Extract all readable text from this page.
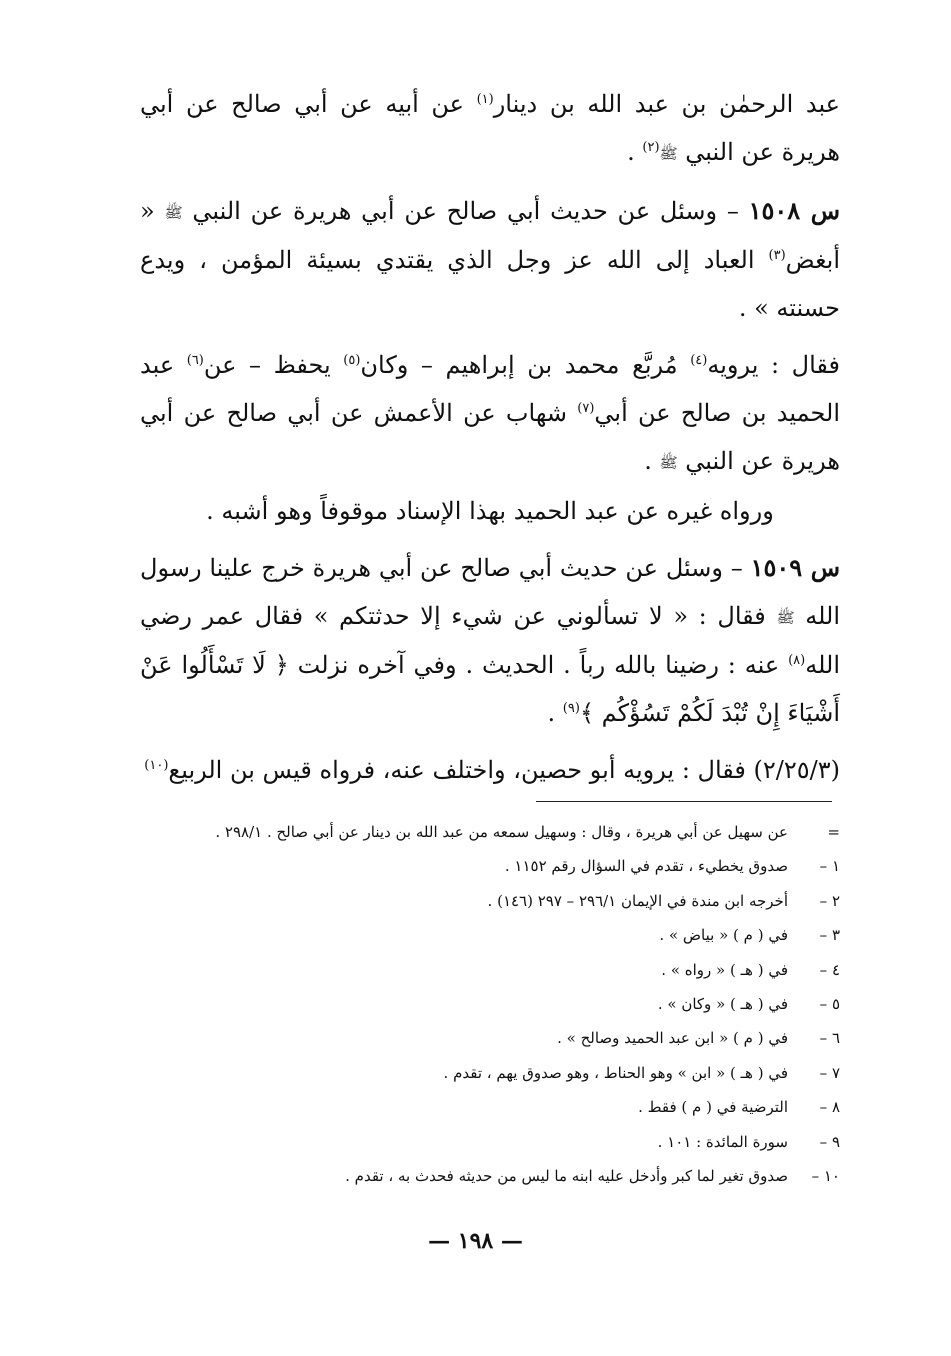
عبد الرحمٰن بن عبد الله بن دينار$^{(١)}$ عن أبيه عن أبي صالح عن أبي هريرة عن النبي ﷺ$^{(٢)}$ .

س ١٥٠٨ – وسئل عن حديث أبي صالح عن أبي هريرة عن النبي ﷺ « أبغض$^{(٣)}$ العباد إلى الله عز وجل الذي يقتدي بسيئة المؤمن ، ويدع حسنته » .

فقال : يرويه$^{(٤)}$ مُربَّع محمد بن إبراهيم – وكان$^{(٥)}$ يحفظ – عن$^{(٦)}$ عبد الحميد بن صالح عن أبي$^{(٧)}$ شهاب عن الأعمش عن أبي صالح عن أبي هريرة عن النبي ﷺ .

ورواه غيره عن عبد الحميد بهذا الإسناد موقوفاً وهو أشبه .

س ١٥٠٩ – وسئل عن حديث أبي صالح عن أبي هريرة خرج علينا رسول الله ﷺ فقال : « لا تسألوني عن شيء إلا حدثتكم » فقال عمر رضي الله$^{(٨)}$ عنه : رضينا بالله رباً . الحديث . وفي آخره نزلت ﴿ لَا تَسْأَلُوا عَنْ أَشْيَاءَ إِنْ تُبْدَ لَكُمْ تَسُؤْكُم ﴾$^{(٩)}$ .

(٢/٢٥/٣) فقال : يرويه أبو حصين، واختلف عنه، فرواه قيس بن الربيع$^{(١٠)}$

=عن سهيل عن أبي هريرة ، وقال : وسهيل سمعه من عبد الله بن دينار عن أبي صالح . ٢٩٨/١ .
١ –صدوق يخطيء ، تقدم في السؤال رقم ١١٥٢ .
٢ –أخرجه ابن مندة في الإيمان ٢٩٦/١ – ٢٩٧ (١٤٦) .
٣ –في ( م ) « بياض » .
٤ –في ( هـ ) « رواه » .
٥ –في ( هـ ) « وكان » .
٦ –في ( م ) « ابن عبد الحميد وصالح » .
٧ –في ( هـ ) « ابن » وهو الحناط ، وهو صدوق يهم ، تقدم .
٨ –الترضية في ( م ) فقط .
٩ –سورة المائدة : ١٠١ .
١٠ –صدوق تغير لما كبر وأدخل عليه ابنه ما ليس من حديثه فحدث به ، تقدم .
— ١٩٨ —
